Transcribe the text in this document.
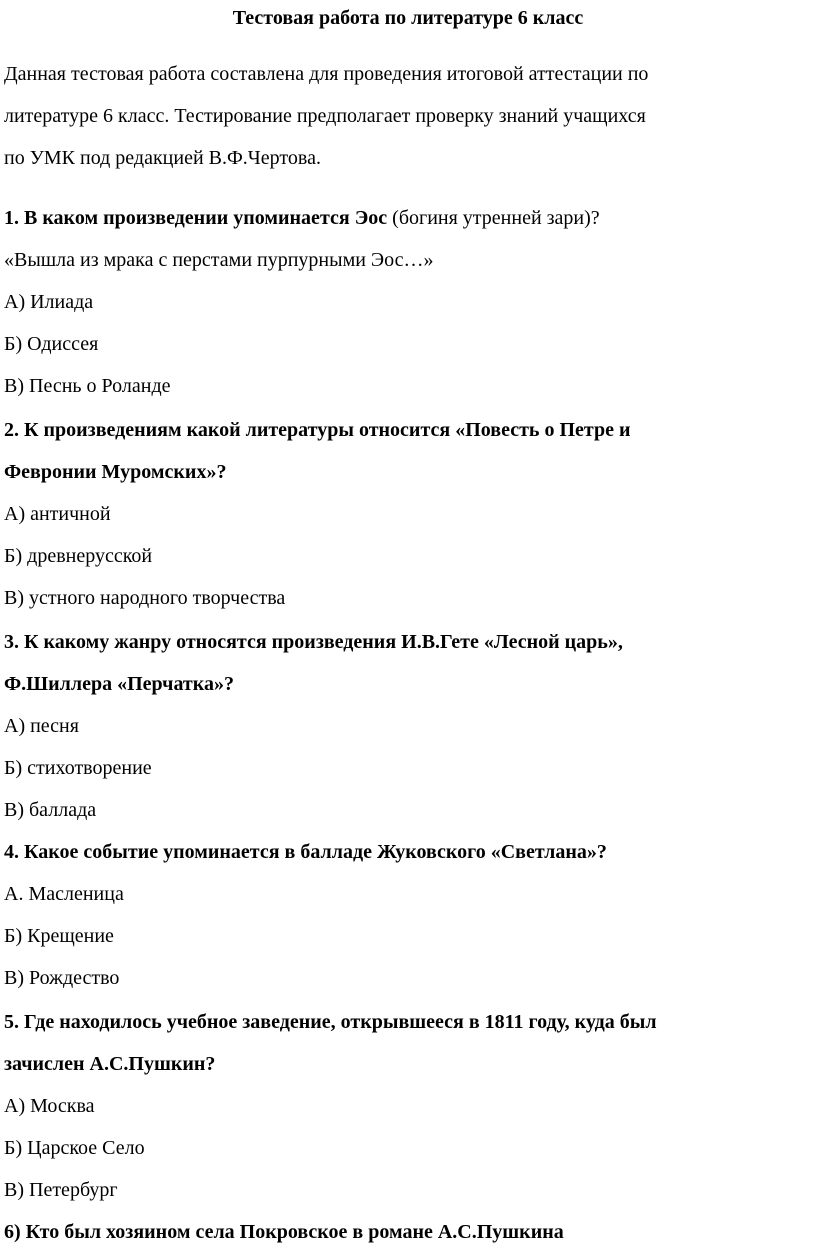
Тестовая работа по литературе 6 класс
Данная тестовая работа составлена для проведения итоговой аттестации по
литературе 6 класс. Тестирование предполагает проверку знаний учащихся
по УМК под редакцией В.Ф.Чертова.
1. В каком произведении упоминается Эос (богиня утренней зари)?
«Вышла из мрака с перстами пурпурными Эос…»
А) Илиада
Б) Одиссея
В) Песнь о Роланде
2. К произведениям какой литературы относится «Повесть о Петре и
Февронии Муромских»?
А) античной
Б) древнерусской
В) устного народного творчества
3. К какому жанру относятся произведения И.В.Гете «Лесной царь»,
Ф.Шиллера «Перчатка»?
А) песня
Б) стихотворение
В) баллада
4. Какое событие упоминается в балладе Жуковского «Светлана»?
А. Масленица
Б) Крещение
В) Рождество
5. Где находилось учебное заведение, открывшееся в 1811 году, куда был
зачислен А.С.Пушкин?
А) Москва
Б) Царское Село
В) Петербург
6) Кто был хозяином села Покровское в романе А.С.Пушкина
